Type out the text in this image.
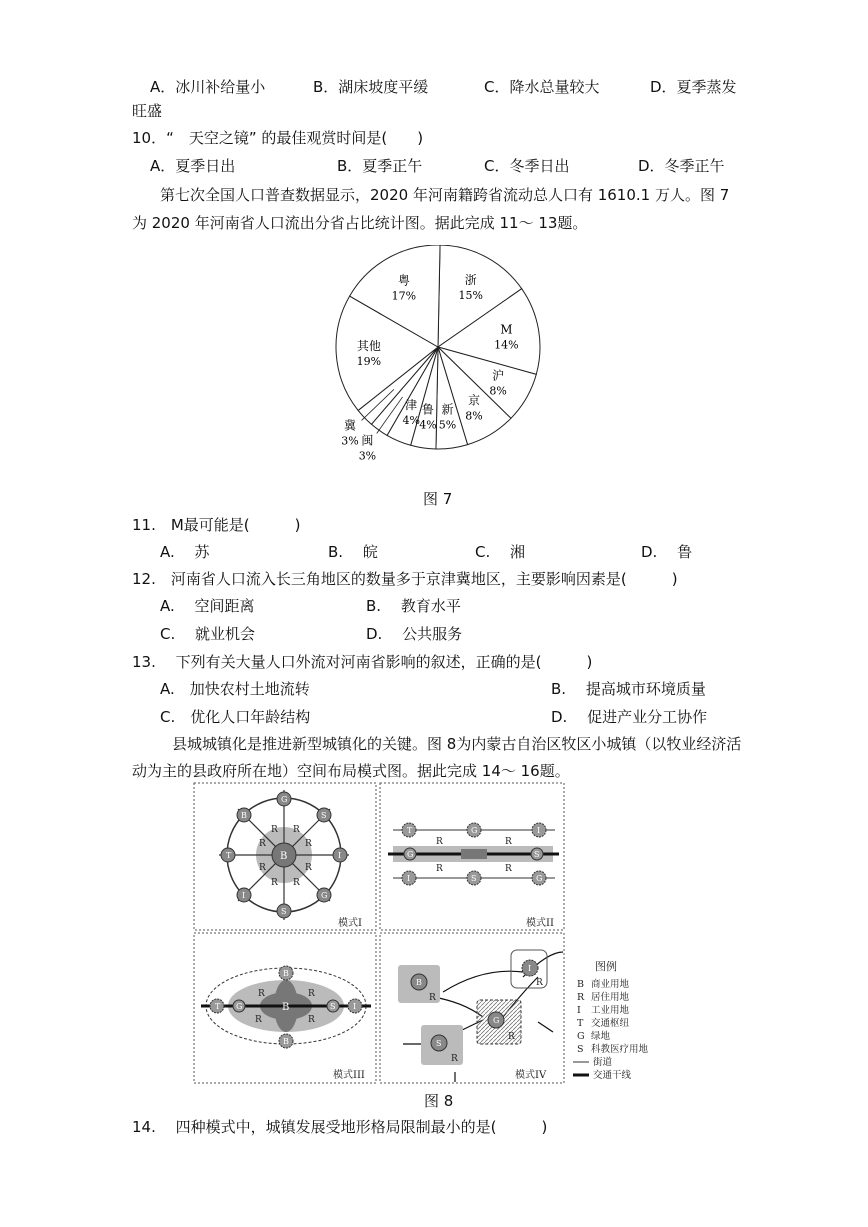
A．冰川补给量小	B．湖床坡度平缓	C．降水总量较大	D．夏季蒸发
旺盛
10．“　天空之镜” 的最佳观赏时间是(　　)
A．夏季日出	B．夏季正午	C．冬季日出	D．冬季正午
第七次全国人口普查数据显示，2020 年河南籍跨省流动总人口有 1610.1 万人。图 7
为 2020 年河南省人口流出分省占比统计图。据此完成 11～ 13题。
浙
15%
M
14%
沪
8%
京
8%
新
5%
鲁
4%
津
4%
闽
3%
冀
3%
其他
19%
粤
17%
图 7
11.　M最可能是(　　　)
A.　 苏	B.　 皖	C.　 湘	D.　 鲁
12.　河南省人口流入长三角地区的数量多于京津冀地区，主要影响因素是(　　　)
A.　 空间距离	B.　 教育水平
C.　 就业机会	D.　 公共服务
13.　 下列有关大量人口外流对河南省影响的叙述，正确的是(　　　)
A.　加快农村土地流转	B.　 提高城市环境质量
C.　优化人口年龄结构	D.　 促进产业分工协作
县城城镇化是推进新型城镇化的关键。图 8为内蒙古自治区牧区小城镇（以牧业经济活
动为主的县政府所在地）空间布局模式图。据此完成 14～ 16题。
B
R R
R	R
R	R
R R
G
S
I
G
S
I
T
B
T	G	I
I	S	G
G	S
R	R
R	R
模式II
模式I
T G	S I
B
B
B
R	R
R	R
模式III
B
R
I
R
G
R
S
R
模式IV
图例
B 商业用地
R 居住用地
I 工业用地
T 交通枢纽
G 绿地
S 科教医疗用地
街道
交通干线
图 8
14.　 四种模式中，城镇发展受地形格局限制最小的是(　　　)
